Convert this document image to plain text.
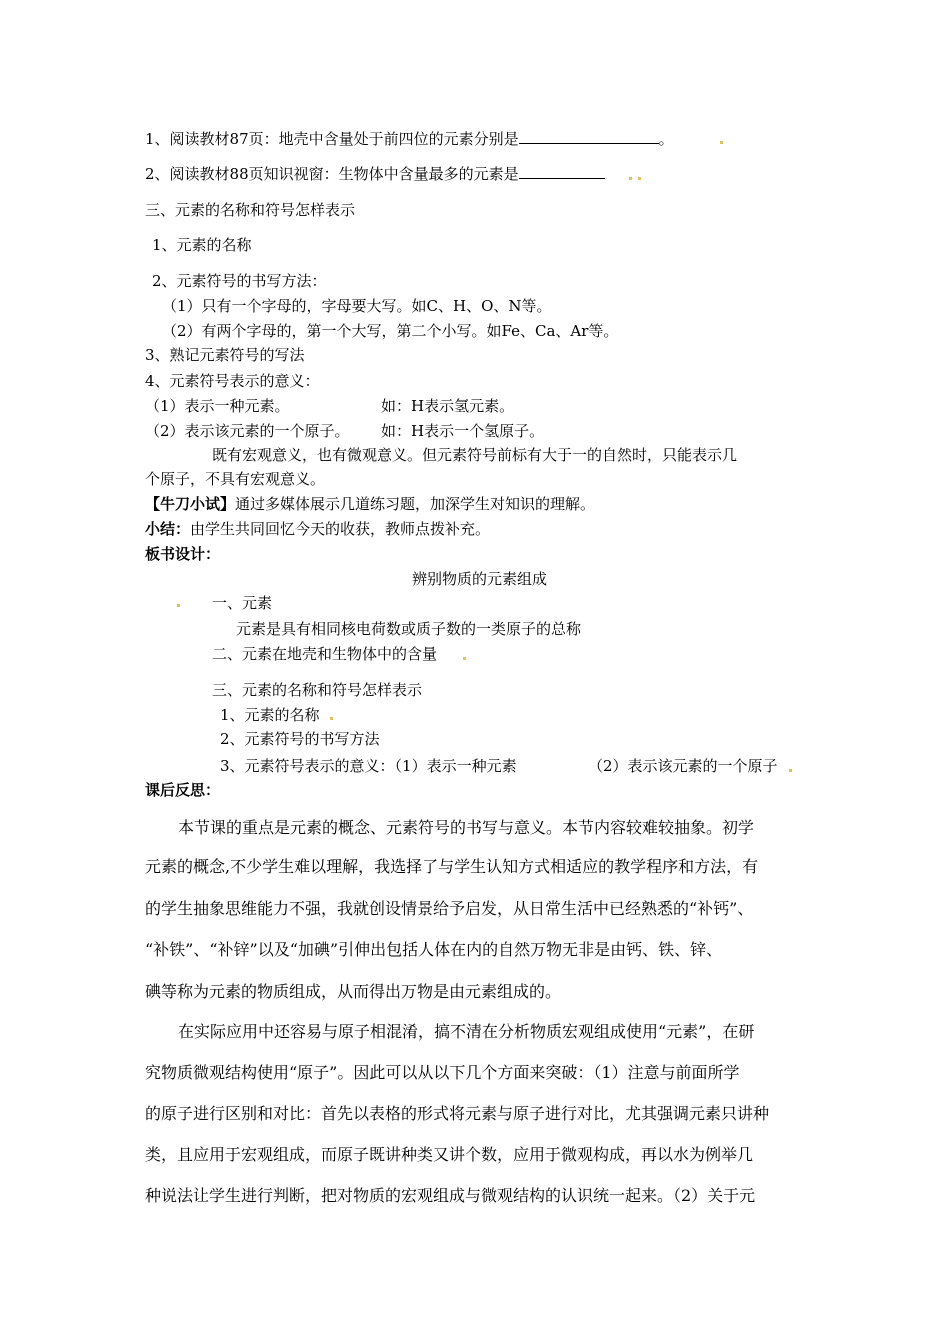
1、阅读教材87页：地壳中含量处于前四位的元素分别是	。
2、阅读教材88页知识视窗：生物体中含量最多的元素是
三、元素的名称和符号怎样表示
1、元素的名称
2、元素符号的书写方法：
（1）只有一个字母的，字母要大写。如C、H、O、N等。
（2）有两个字母的，第一个大写，第二个小写。如Fe、Ca、Ar等。
3、熟记元素符号的写法
4、元素符号表示的意义：
（1）表示一种元素。	如：H表示氢元素。
（2）表示该元素的一个原子。 如：H表示一个氢原子。
既有宏观意义，也有微观意义。但元素符号前标有大于一的自然时，只能表示几
个原子，不具有宏观意义。
【牛刀小试】通过多媒体展示几道练习题，加深学生对知识的理解。
小结：由学生共同回忆今天的收获，教师点拨补充。
板书设计：
辨别物质的元素组成
一、元素
元素是具有相同核电荷数或质子数的一类原子的总称
二、元素在地壳和生物体中的含量
三、元素的名称和符号怎样表示
1、元素的名称
2、元素符号的书写方法
3、元素符号表示的意义：（1）表示一种元素	（2）表示该元素的一个原子
课后反思：
本节课的重点是元素的概念、元素符号的书写与意义。本节内容较难较抽象。初学
元素的概念,不少学生难以理解，我选择了与学生认知方式相适应的教学程序和方法，有
的学生抽象思维能力不强，我就创设情景给予启发，从日常生活中已经熟悉的“补钙”、
“补铁”、“补锌”以及“加碘”引伸出包括人体在内的自然万物无非是由钙、铁、锌、
碘等称为元素的物质组成，从而得出万物是由元素组成的。
在实际应用中还容易与原子相混淆，搞不清在分析物质宏观组成使用“元素”，在研
究物质微观结构使用“原子”。因此可以从以下几个方面来突破：（1）注意与前面所学
的原子进行区别和对比：首先以表格的形式将元素与原子进行对比，尤其强调元素只讲种
类，且应用于宏观组成，而原子既讲种类又讲个数，应用于微观构成，再以水为例举几
种说法让学生进行判断，把对物质的宏观组成与微观结构的认识统一起来。（2）关于元
